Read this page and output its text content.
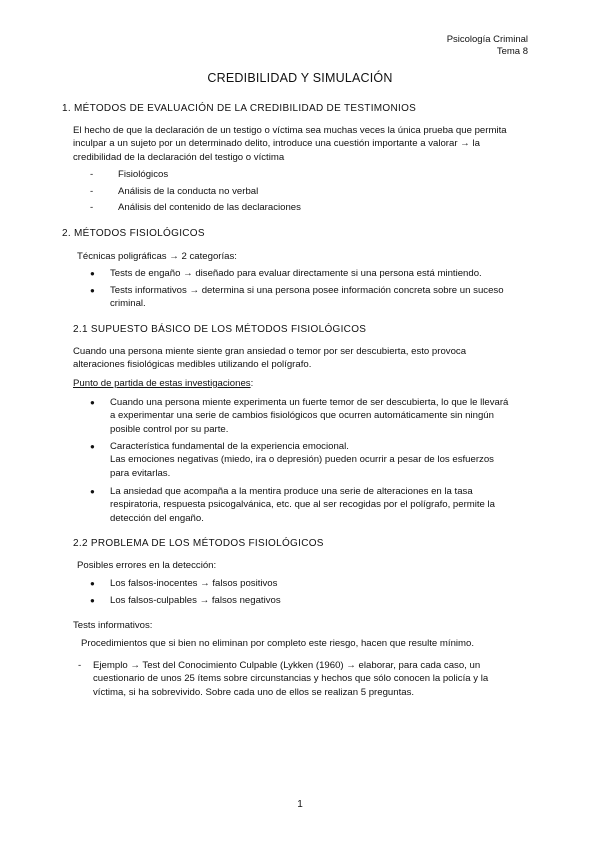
Psicología Criminal
Tema 8
CREDIBILIDAD Y SIMULACIÓN
1. MÉTODOS DE EVALUACIÓN DE LA CREDIBILIDAD DE TESTIMONIOS
El hecho de que la declaración de un testigo o víctima sea muchas veces la única prueba que permita
inculpar a un sujeto por un determinado delito, introduce una cuestión importante a valorar → la
credibilidad de la declaración del testigo o víctima
-	Fisiológicos
-	Análisis de la conducta no verbal
-	Análisis del contenido de las declaraciones
2. MÉTODOS FISIOLÓGICOS
Técnicas poligráficas → 2 categorías:
● Tests de engaño → diseñado para evaluar directamente si una persona está mintiendo.
● Tests informativos → determina si una persona posee información concreta sobre un suceso
criminal.
2.1 SUPUESTO BÁSICO DE LOS MÉTODOS FISIOLÓGICOS
Cuando una persona miente siente gran ansiedad o temor por ser descubierta, esto provoca
alteraciones fisiológicas medibles utilizando el polígrafo.
Punto de partida de estas investigaciones:
● Cuando una persona miente experimenta un fuerte temor de ser descubierta, lo que le llevará
a experimentar una serie de cambios fisiológicos que ocurren automáticamente sin ningún
posible control por su parte.
● Característica fundamental de la experiencia emocional.
Las emociones negativas (miedo, ira o depresión) pueden ocurrir a pesar de los esfuerzos
para evitarlas.
● La ansiedad que acompaña a la mentira produce una serie de alteraciones en la tasa
respiratoria, respuesta psicogalvánica, etc. que al ser recogidas por el polígrafo, permite la
detección del engaño.
2.2 PROBLEMA DE LOS MÉTODOS FISIOLÓGICOS
Posibles errores en la detección:
● Los falsos-inocentes → falsos positivos
● Los falsos-culpables → falsos negativos
Tests informativos:
Procedimientos que si bien no eliminan por completo este riesgo, hacen que resulte mínimo.
- Ejemplo → Test del Conocimiento Culpable (Lykken (1960) → elaborar, para cada caso, un
cuestionario de unos 25 ítems sobre circunstancias y hechos que sólo conocen la policía y la
víctima, si ha sobrevivido. Sobre cada uno de ellos se realizan 5 preguntas.
1
